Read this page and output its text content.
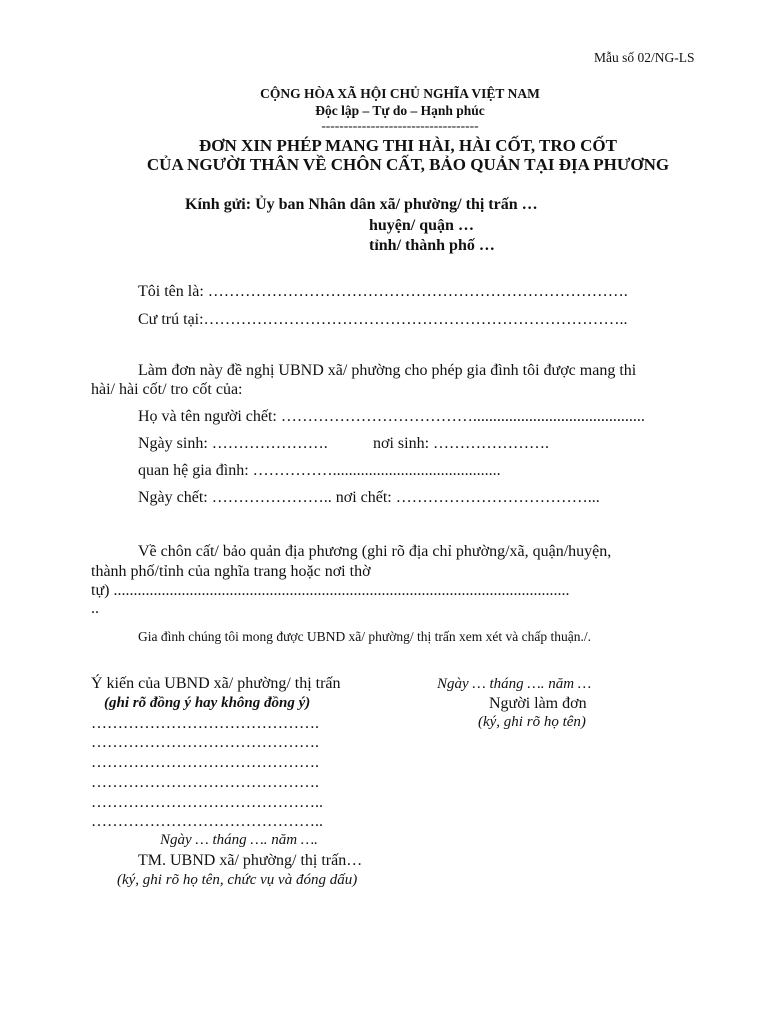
Mẫu số 02/NG-LS
CỘNG HÒA XÃ HỘI CHỦ NGHĨA VIỆT NAM
Độc lập – Tự do – Hạnh phúc
-----------------------------------
ĐƠN XIN PHÉP MANG THI HÀI, HÀI CỐT, TRO CỐT
CỦA NGƯỜI THÂN VỀ CHÔN CẤT, BẢO QUẢN TẠI ĐỊA PHƯƠNG
Kính gửi: Ủy ban Nhân dân xã/ phường/ thị trấn …
huyện/ quận …
tỉnh/ thành phố …
Tôi tên là: …………………………………………………………………….
Cư trú tại:……………………………………………………………………..
Làm đơn này đề nghị UBND xã/ phường cho phép gia đình tôi được mang thi
hài/ hài cốt/ tro cốt của:
Họ và tên người chết: ………………………………...........................................
Ngày sinh: ………………….	nơi sinh: ………………….
quan hệ gia đình: ……………..........................................
Ngày chết: ………………….. nơi chết: ………………………………...
Về chôn cất/ bảo quản địa phương (ghi rõ địa chỉ phường/xã, quận/huyện,
thành phố/tỉnh của nghĩa trang hoặc nơi thờ
tự) ..................................................................................................................
..
Gia đình chúng tôi mong được UBND xã/ phường/ thị trấn xem xét và chấp thuận./.
Ý kiến của UBND xã/ phường/ thị trấn
(ghi rõ đồng ý hay không đồng ý)
…………………………………….
…………………………………….
…………………………………….
…………………………………….
……………………………………..
……………………………………..
Ngày … tháng …. năm ….
TM. UBND xã/ phường/ thị trấn…
(ký, ghi rõ họ tên, chức vụ và đóng dấu)
Ngày … tháng …. năm …
Người làm đơn
(ký, ghi rõ họ tên)
